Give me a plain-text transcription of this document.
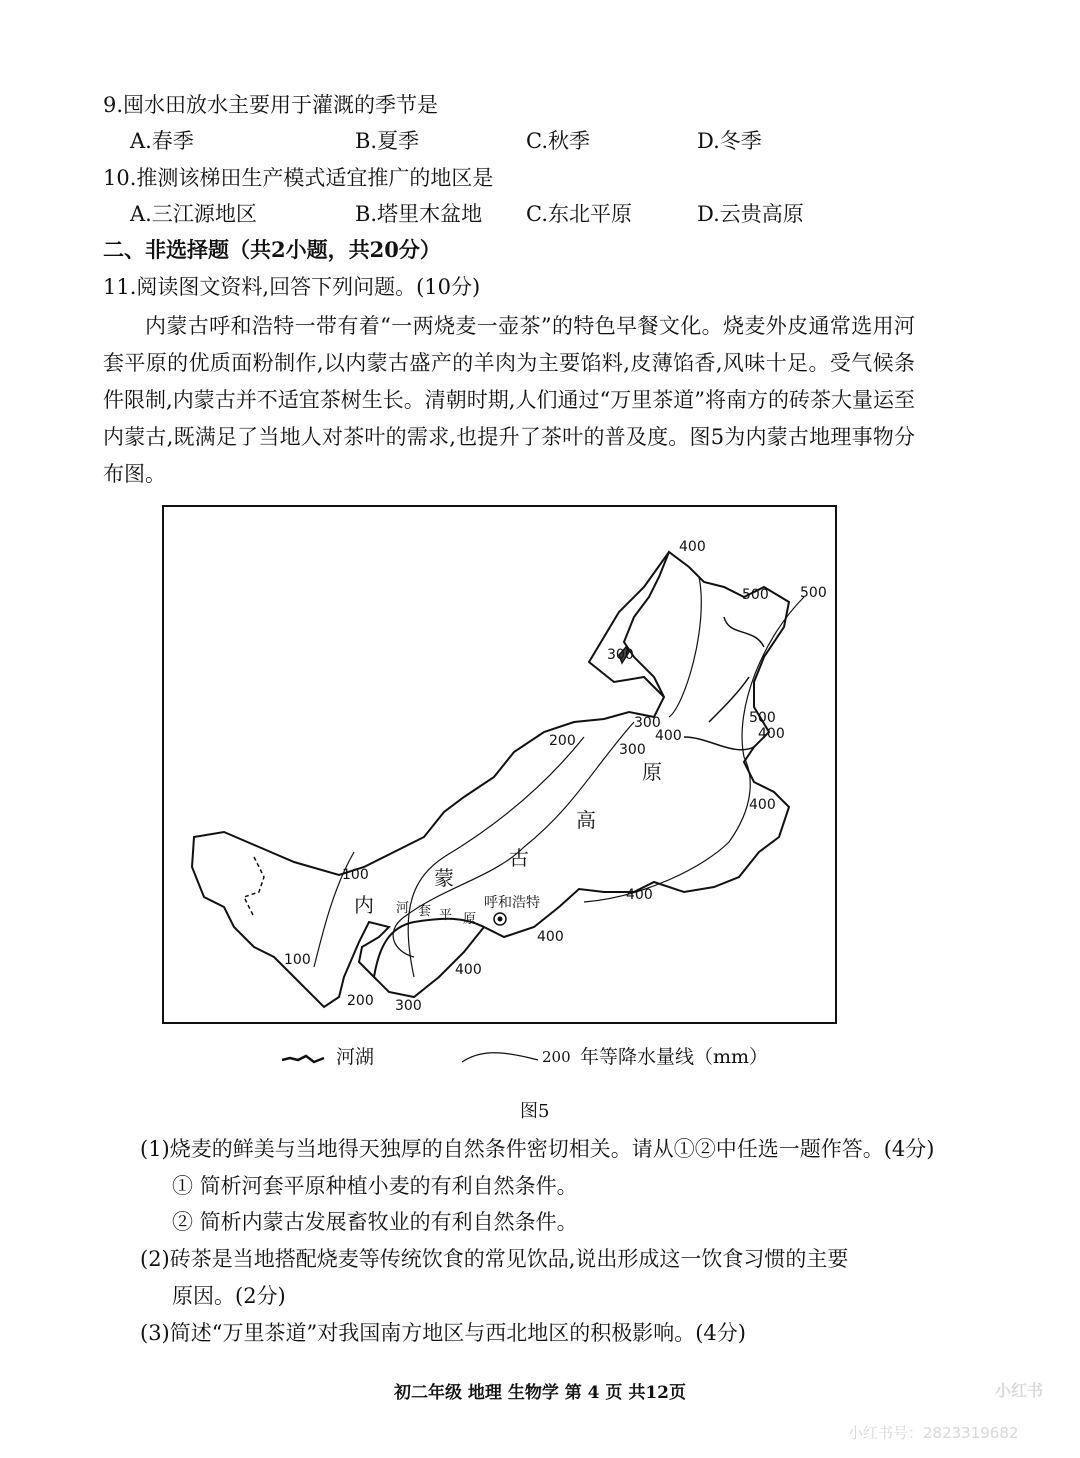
9.囤水田放水主要用于灌溉的季节是
A.春季	B.夏季	C.秋季	D.冬季
10.推测该梯田生产模式适宜推广的地区是
A.三江源地区	B.塔里木盆地 C.东北平原	D.云贵高原
二、非选择题（共2小题，共20分）
11.阅读图文资料,回答下列问题。(10分)
内蒙古呼和浩特一带有着“一两烧麦一壶茶”的特色早餐文化。烧麦外皮通常选用河套平原的优质面粉制作,以内蒙古盛产的羊肉为主要馅料,皮薄馅香,风味十足。受气候条件限制,内蒙古并不适宜茶树生长。清朝时期,人们通过“万里茶道”将南方的砖茶大量运至内蒙古,既满足了当地人对茶叶的需求,也提升了茶叶的普及度。图5为内蒙古地理事物分布图。
400
500 500
300
300
300
400
500
400
200
400
100
400
100
200 300
400
400
内
蒙
古
高
原
河 套 平 原
呼和浩特
河湖	200 年等降水量线（mm）
图5
(1)烧麦的鲜美与当地得天独厚的自然条件密切相关。请从①②中任选一题作答。(4分)
① 简析河套平原种植小麦的有利自然条件。
② 简析内蒙古发展畜牧业的有利自然条件。
(2)砖茶是当地搭配烧麦等传统饮食的常见饮品,说出形成这一饮食习惯的主要
原因。(2分)
(3)简述“万里茶道”对我国南方地区与西北地区的积极影响。(4分)
初二年级 地理 生物学 第 4 页 共12页	小红书
小红书号：2823319682
